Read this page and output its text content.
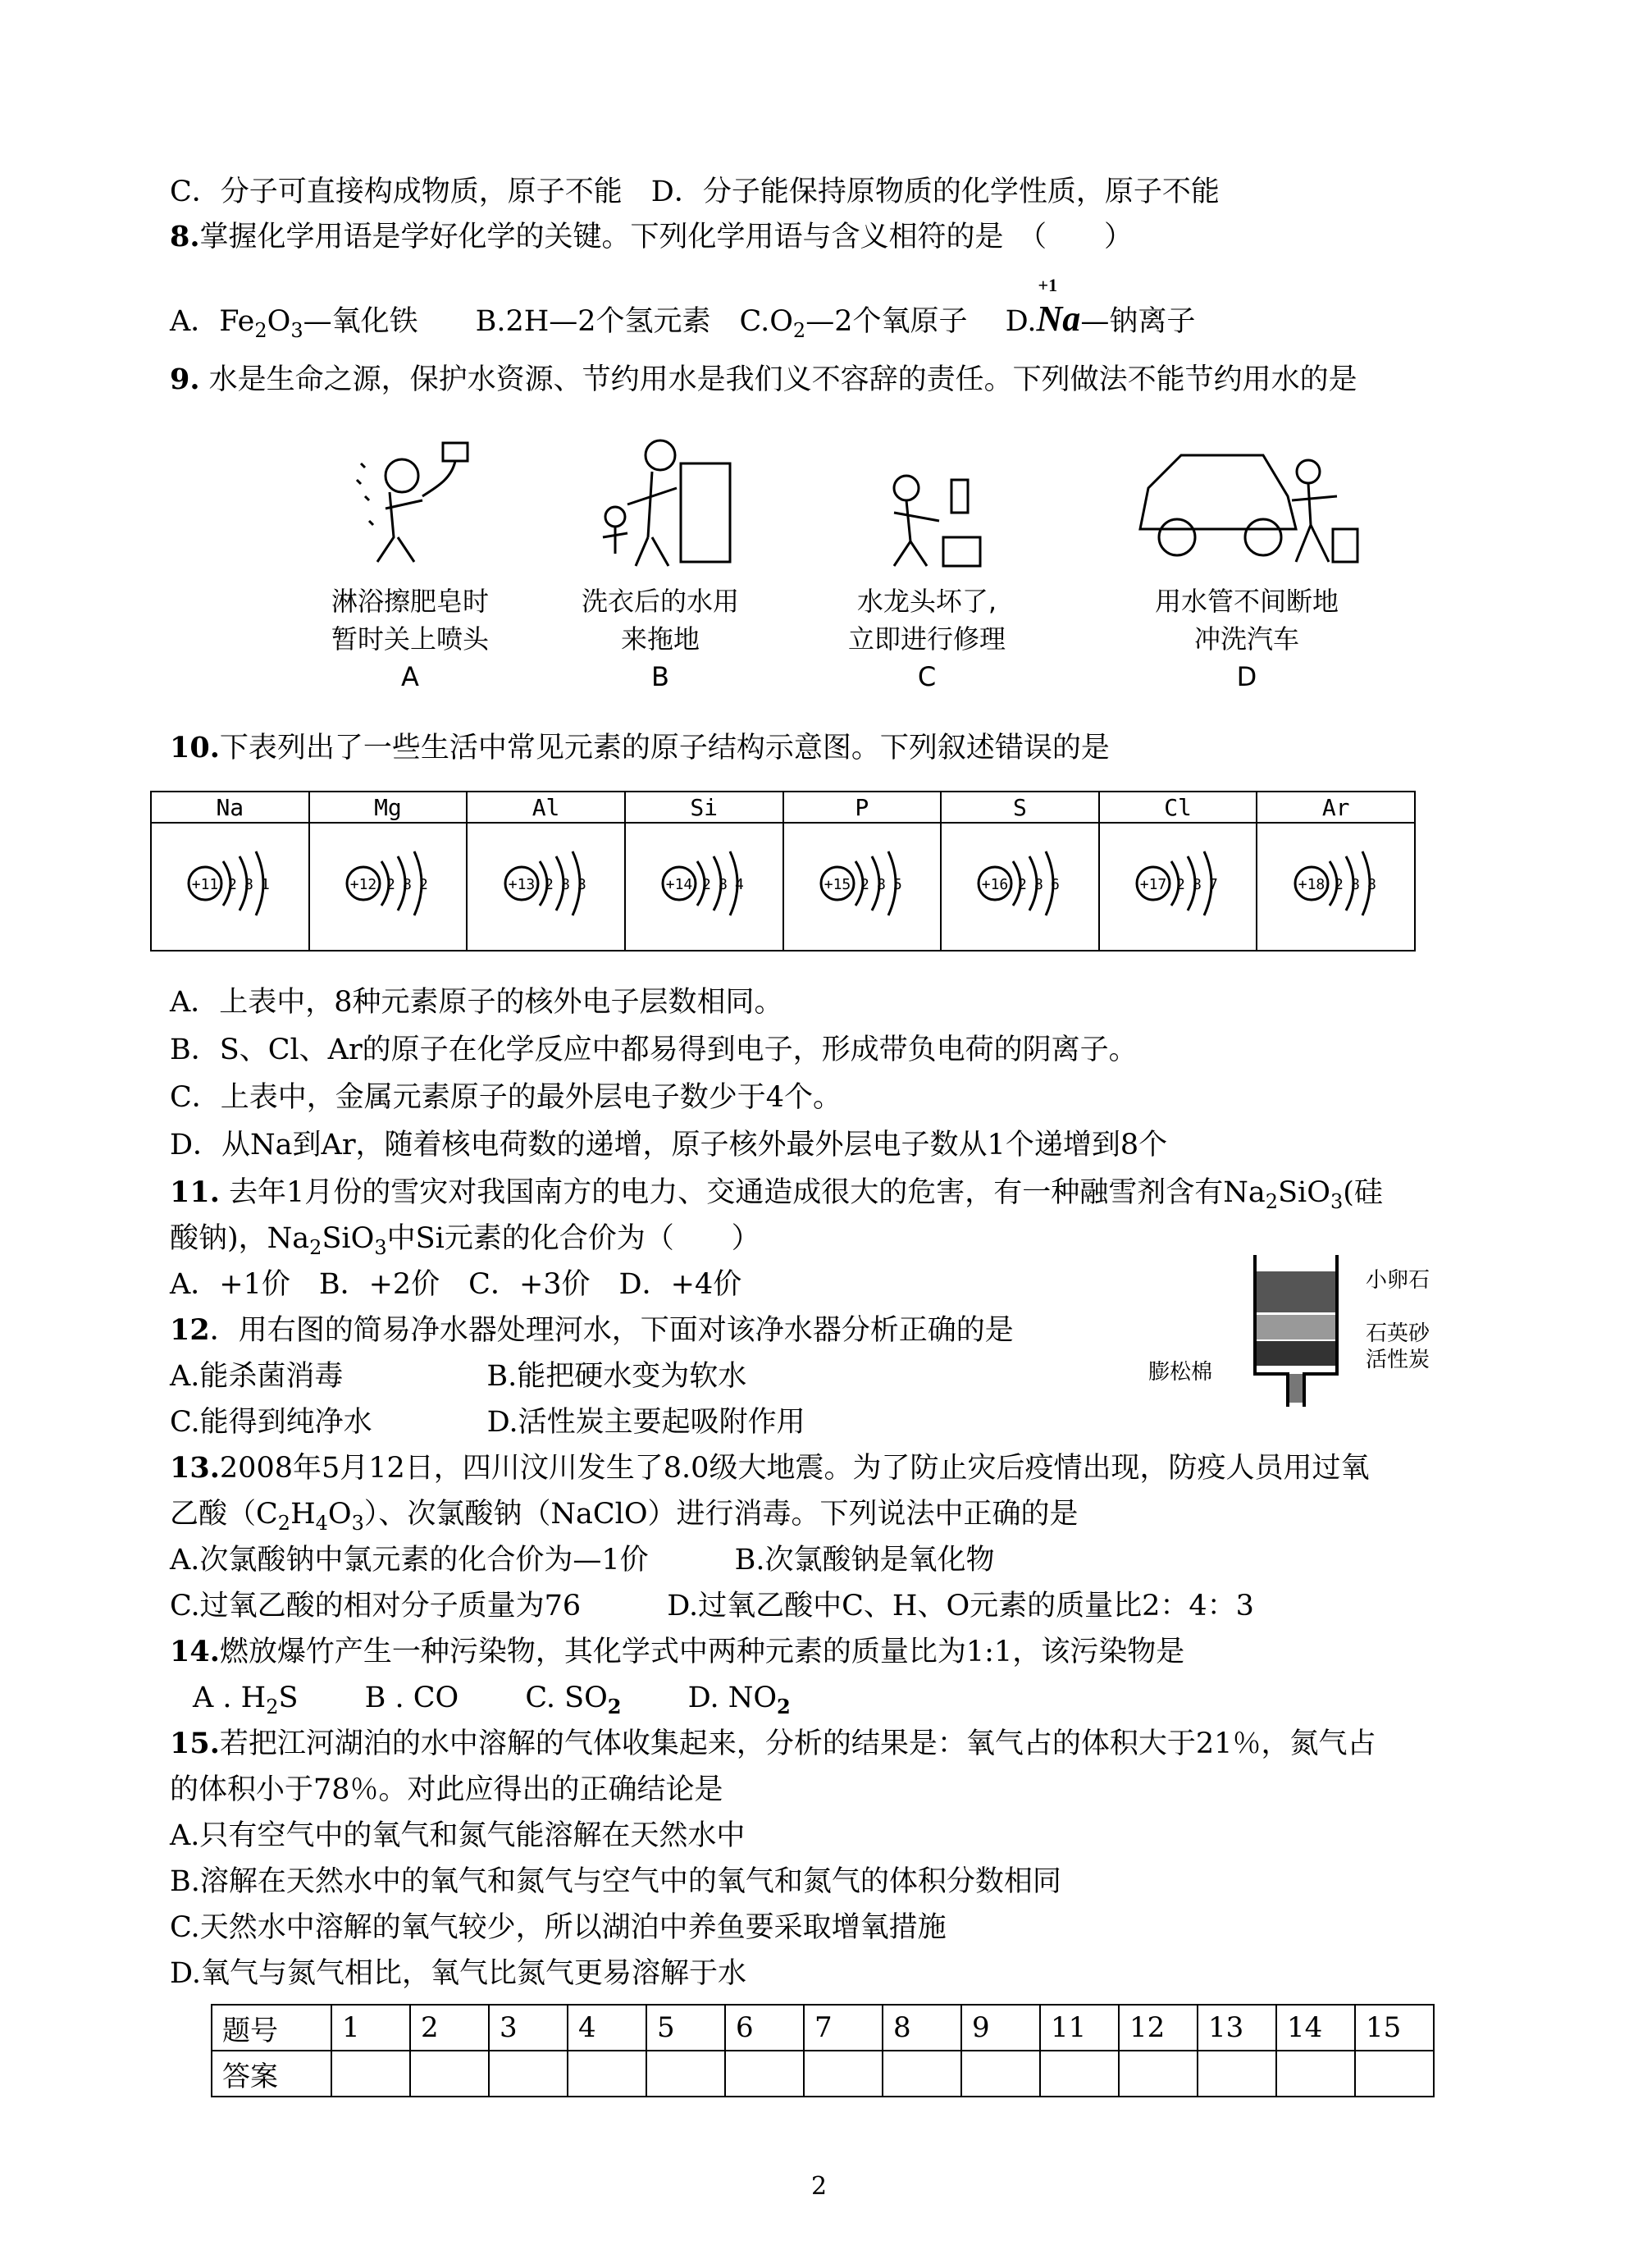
C．分子可直接构成物质，原子不能　D．分子能保持原物质的化学性质，原子不能
8.掌握化学用语是学好化学的关键。下列化学用语与含义相符的是　（　　）
A．$Fe_2O_3—$氧化铁　　B.2H—2个氢元素　$C.O_2—2$个氧原子　 D.
+1
Na—钠离子
9. 水是生命之源，保护水资源、节约用水是我们义不容辞的责任。下列做法不能节约用水的是
淋浴擦肥皂时
暂时关上喷头
A
洗衣后的水用
来拖地
B
水龙头坏了,
立即进行修理
C
用水管不间断地
冲洗汽车
D
10.下表列出了一些生活中常见元素的原子结构示意图。下列叙述错误的是
Na	Mg	Al	Si	P	S	Cl	Ar

+11 2 8 1	+12 2 8 2	+13 2 8 3	+14 2 8 4	+15 2 8 5	+16 2 8 6	+17 2 8 7	+18 2 8 8
A．上表中，8种元素原子的核外电子层数相同。
B．S、Cl、Ar的原子在化学反应中都易得到电子，形成带负电荷的阴离子。
C．上表中，金属元素原子的最外层电子数少于4个。
D．从Na到Ar，随着核电荷数的递增，原子核外最外层电子数从1个递增到8个
11. 去年1月份的雪灾对我国南方的电力、交通造成很大的危害，有一种融雪剂含有$Na_2SiO_3$(硅
酸钠)，$Na_2SiO_3$中Si元素的化合价为（　　）
A．+1价　B．+2价　C．+3价　D．+4价
12．用右图的简易净水器处理河水，下面对该净水器分析正确的是
A.能杀菌消毒　　　　　B.能把硬水变为软水
C.能得到纯净水　　　　D.活性炭主要起吸附作用
小卵石
石英砂
活性炭
膨松棉
13.2008年5月12日，四川汶川发生了8.0级大地震。为了防止灾后疫情出现，防疫人员用过氧
乙酸$(C_2H_4O_3)$、次氯酸钠（NaClO）进行消毒。下列说法中正确的是
A.次氯酸钠中氯元素的化合价为—1价　　　B.次氯酸钠是氧化物
C.过氧乙酸的相对分子质量为76　　　D.过氧乙酸中C、H、O元素的质量比2：4：3
14.燃放爆竹产生一种污染物，其化学式中两种元素的质量比为1:1，该污染物是
A . $H_2S$ B . CO C. $SO_2$ D. $NO_2$
15.若把江河湖泊的水中溶解的气体收集起来，分析的结果是：氧气占的体积大于21％，氮气占
的体积小于78％。对此应得出的正确结论是
A.只有空气中的氧气和氮气能溶解在天然水中
B.溶解在天然水中的氧气和氮气与空气中的氧气和氮气的体积分数相同
C.天然水中溶解的氧气较少，所以湖泊中养鱼要采取增氧措施
D.氧气与氮气相比，氧气比氮气更易溶解于水
题号	1	2	3	4	5	6	7	8	9	11	12	13	14	15
答案														
2
